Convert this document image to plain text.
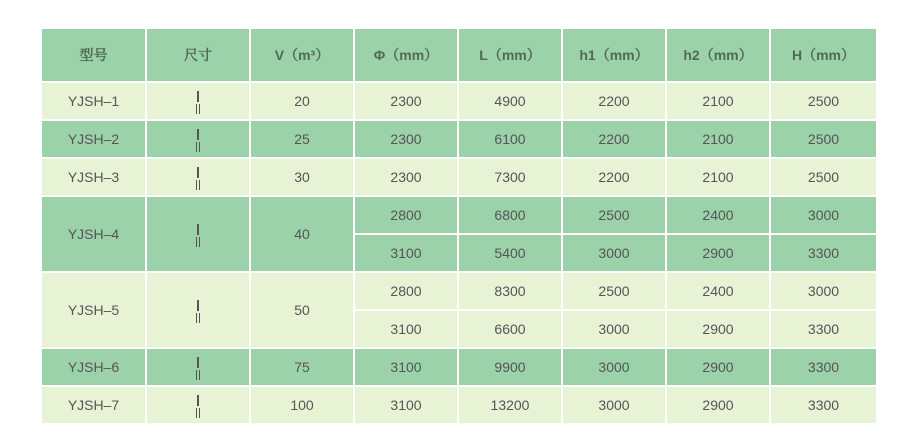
型号	尺寸	V（m³）	Φ（mm）	L（mm）	h1（mm）	h2（mm）	H（mm）
YJSH–1		20	2300	4900	2200	2100	2500
YJSH–2		25	2300	6100	2200	2100	2500
YJSH–3		30	2300	7300	2200	2100	2500
YJSH–4		40	2800	6800	2500	2400	3000
			3100	5400	3000	2900	3300
YJSH–5		50	2800	8300	2500	2400	3000
			3100	6600	3000	2900	3300
YJSH–6		75	3100	9900	3000	2900	3300
YJSH–7		100	3100	13200	3000	2900	3300
